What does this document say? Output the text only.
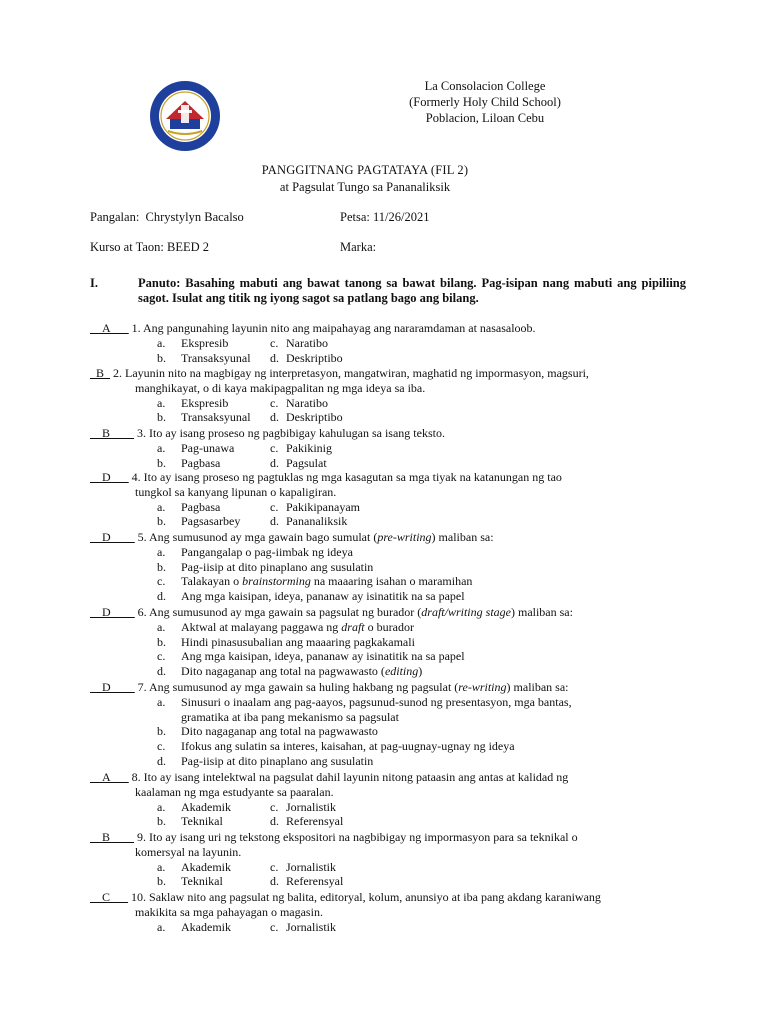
La Consolacion College
(Formerly Holy Child School)
Poblacion, Liloan Cebu
PANGGITNANG PAGTATAYA (FIL 2)
at Pagsulat Tungo sa Pananaliksik
Pangalan: Chrystylyn Bacalso	Petsa: 11/26/2021
Kurso at Taon: BEED 2	Marka:
I.	Panuto: Basahing mabuti ang bawat tanong sa bawat bilang. Pag-isipan nang mabuti ang pipiliing sagot. Isulat ang titik ng iyong sagot sa patlang bago ang bilang.
__A___ 1. Ang pangunahing layunin nito ang maipahayag ang nararamdaman at nasasaloob.
a. Ekspresib	c. Naratibo
b. Transaksyunal d. Deskriptibo
_B_ 2. Layunin nito na magbigay ng interpretasyon, mangatwiran, maghatid ng impormasyon, magsuri,
manghikayat, o di kaya makipagpalitan ng mga ideya sa iba.
a. Ekspresib	c. Naratibo
b. Transaksyunal d. Deskriptibo
__B____ 3. Ito ay isang proseso ng pagbibigay kahulugan sa isang teksto.
a. Pag-unawa	c. Pakikinig
b. Pagbasa	d. Pagsulat
__D___ 4. Ito ay isang proseso ng pagtuklas ng mga kasagutan sa mga tiyak na katanungan ng tao
tungkol sa kanyang lipunan o kapaligiran.
a. Pagbasa	c. Pakikipanayam
b. Pagsasarbey d. Pananaliksik
__D____ 5. Ang sumusunod ay mga gawain bago sumulat (pre-writing) maliban sa:
a. Pangangalap o pag-iimbak ng ideya
b. Pag-iisip at dito pinaplano ang susulatin
c. Talakayan o brainstorming na maaaring isahan o maramihan
d. Ang mga kaisipan, ideya, pananaw ay isinatitik na sa papel
__D____ 6. Ang sumusunod ay mga gawain sa pagsulat ng burador (draft/writing stage) maliban sa:
a. Aktwal at malayang paggawa ng draft o burador
b. Hindi pinasusubalian ang maaaring pagkakamali
c. Ang mga kaisipan, ideya, pananaw ay isinatitik na sa papel
d. Dito nagaganap ang total na pagwawasto (editing)
__D____ 7. Ang sumusunod ay mga gawain sa huling hakbang ng pagsulat (re-writing) maliban sa:
a. Sinusuri o inaalam ang pag-aayos, pagsunud-sunod ng presentasyon, mga bantas,
gramatika at iba pang mekanismo sa pagsulat
b. Dito nagaganap ang total na pagwawasto
c. Ifokus ang sulatin sa interes, kaisahan, at pag-uugnay-ugnay ng ideya
d. Pag-iisip at dito pinaplano ang susulatin
__A___ 8. Ito ay isang intelektwal na pagsulat dahil layunin nitong pataasin ang antas at kalidad ng
kaalaman ng mga estudyante sa paaralan.
a. Akademik	c. Jornalistik
b. Teknikal	d. Referensyal
__B____ 9. Ito ay isang uri ng tekstong ekspositori na nagbibigay ng impormasyon para sa teknikal o
komersyal na layunin.
a. Akademik	c. Jornalistik
b. Teknikal	d. Referensyal
__C___ 10. Saklaw nito ang pagsulat ng balita, editoryal, kolum, anunsiyo at iba pang akdang karaniwang
makikita sa mga pahayagan o magasin.
a. Akademik	c. Jornalistik
